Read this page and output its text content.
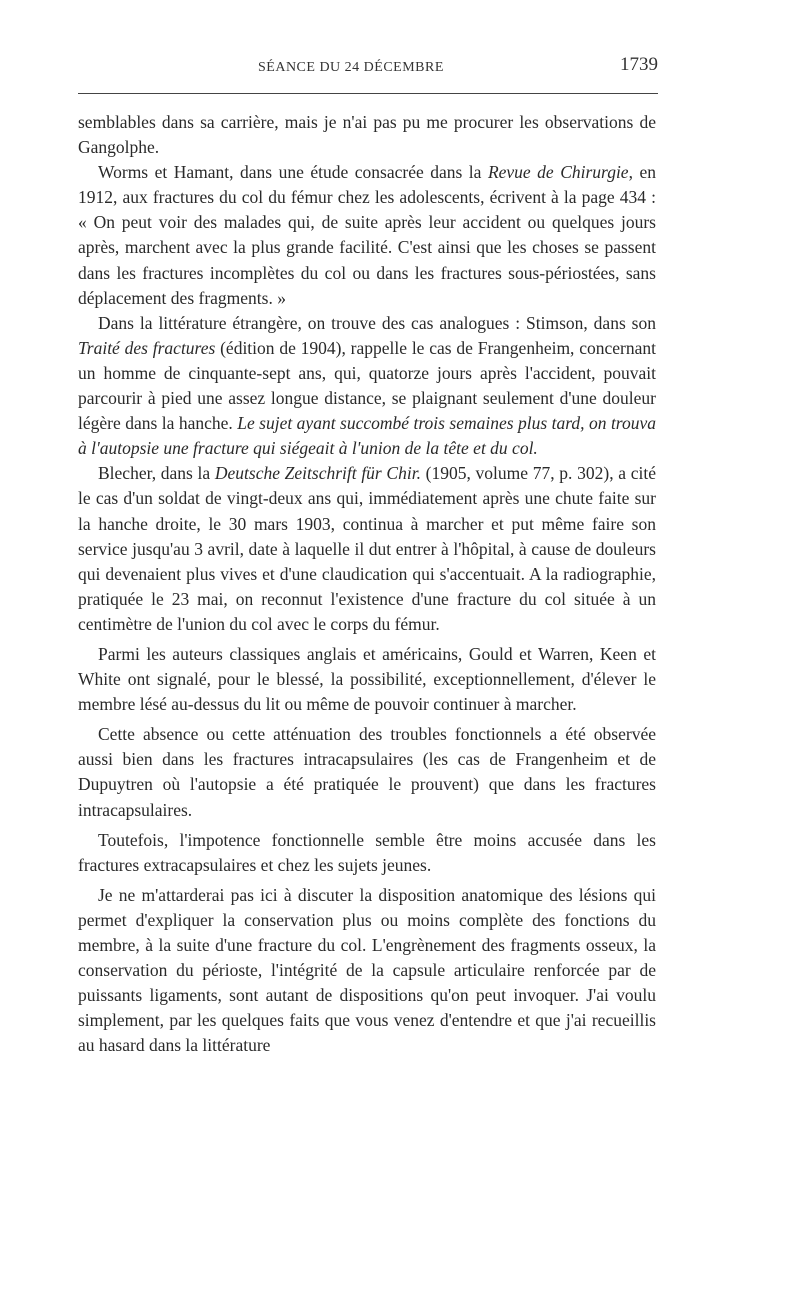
SÉANCE DU 24 DÉCEMBRE	1739

semblables dans sa carrière, mais je n'ai pas pu me procurer les observations de Gangolphe.

Worms et Hamant, dans une étude consacrée dans la Revue de Chirurgie, en 1912, aux fractures du col du fémur chez les adolescents, écrivent à la page 434 : « On peut voir des malades qui, de suite après leur accident ou quelques jours après, marchent avec la plus grande facilité. C'est ainsi que les choses se passent dans les fractures incomplètes du col ou dans les fractures sous-périostées, sans déplacement des fragments. »

Dans la littérature étrangère, on trouve des cas analogues : Stimson, dans son Traité des fractures (édition de 1904), rappelle le cas de Frangenheim, concernant un homme de cinquante-sept ans, qui, quatorze jours après l'accident, pouvait parcourir à pied une assez longue distance, se plaignant seulement d'une douleur légère dans la hanche. Le sujet ayant succombé trois semaines plus tard, on trouva à l'autopsie une fracture qui siégeait à l'union de la tête et du col.

Blecher, dans la Deutsche Zeitschrift für Chir. (1905, volume 77, p. 302), a cité le cas d'un soldat de vingt-deux ans qui, immédiatement après une chute faite sur la hanche droite, le 30 mars 1903, continua à marcher et put même faire son service jusqu'au 3 avril, date à laquelle il dut entrer à l'hôpital, à cause de douleurs qui devenaient plus vives et d'une claudication qui s'accentuait. A la radiographie, pratiquée le 23 mai, on reconnut l'existence d'une fracture du col située à un centimètre de l'union du col avec le corps du fémur.

Parmi les auteurs classiques anglais et américains, Gould et Warren, Keen et White ont signalé, pour le blessé, la possibilité, exceptionnellement, d'élever le membre lésé au-dessus du lit ou même de pouvoir continuer à marcher.

Cette absence ou cette atténuation des troubles fonctionnels a été observée aussi bien dans les fractures intracapsulaires (les cas de Frangenheim et de Dupuytren où l'autopsie a été pratiquée le prouvent) que dans les fractures intracapsulaires.

Toutefois, l'impotence fonctionnelle semble être moins accusée dans les fractures extracapsulaires et chez les sujets jeunes.

Je ne m'attarderai pas ici à discuter la disposition anatomique des lésions qui permet d'expliquer la conservation plus ou moins complète des fonctions du membre, à la suite d'une fracture du col. L'engrènement des fragments osseux, la conservation du périoste, l'intégrité de la capsule articulaire renforcée par de puissants ligaments, sont autant de dispositions qu'on peut invoquer. J'ai voulu simplement, par les quelques faits que vous venez d'entendre et que j'ai recueillis au hasard dans la littérature
